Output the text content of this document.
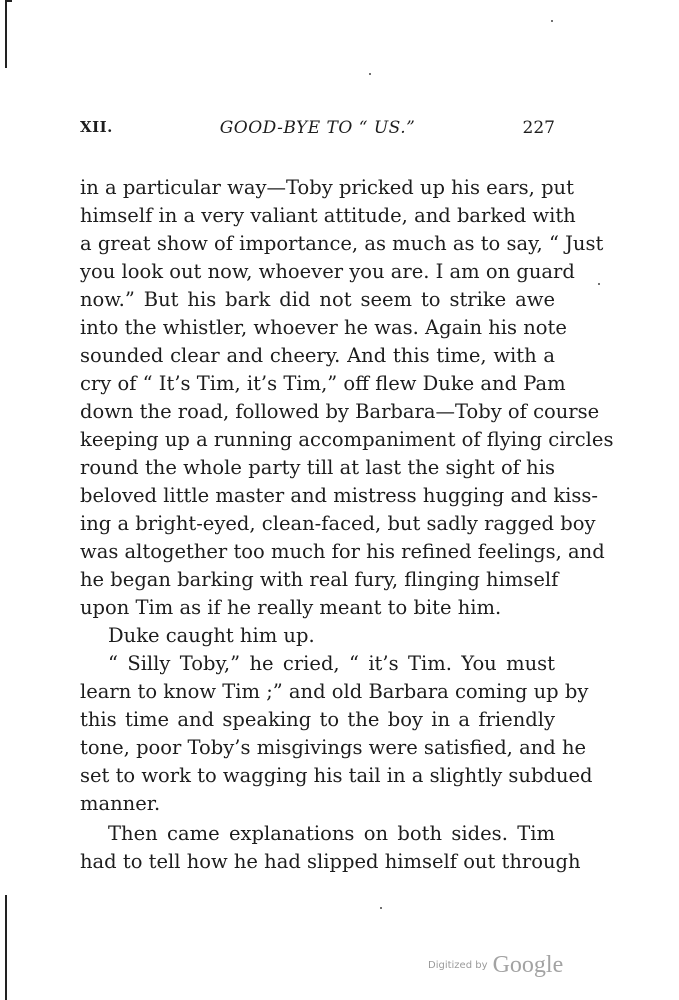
XII.	GOOD-BYE TO “ US.”	227
in a particular way—Toby pricked up his ears, put
himself in a very valiant attitude, and barked with
a great show of importance, as much as to say, “ Just
you look out now, whoever you are. I am on guard
now.” But his bark did not seem to strike awe
into the whistler, whoever he was. Again his note
sounded clear and cheery. And this time, with a
cry of “ It’s Tim, it’s Tim,” off flew Duke and Pam
down the road, followed by Barbara—Toby of course
keeping up a running accompaniment of flying circles
round the whole party till at last the sight of his
beloved little master and mistress hugging and kiss-
ing a bright-eyed, clean-faced, but sadly ragged boy
was altogether too much for his refined feelings, and
he began barking with real fury, flinging himself
upon Tim as if he really meant to bite him.
Duke caught him up.
“ Silly Toby,” he cried, “ it’s Tim. You must
learn to know Tim ;” and old Barbara coming up by
this time and speaking to the boy in a friendly
tone, poor Toby’s misgivings were satisfied, and he
set to work to wagging his tail in a slightly subdued
manner.
Then came explanations on both sides. Tim
had to tell how he had slipped himself out through
Digitized by Google
